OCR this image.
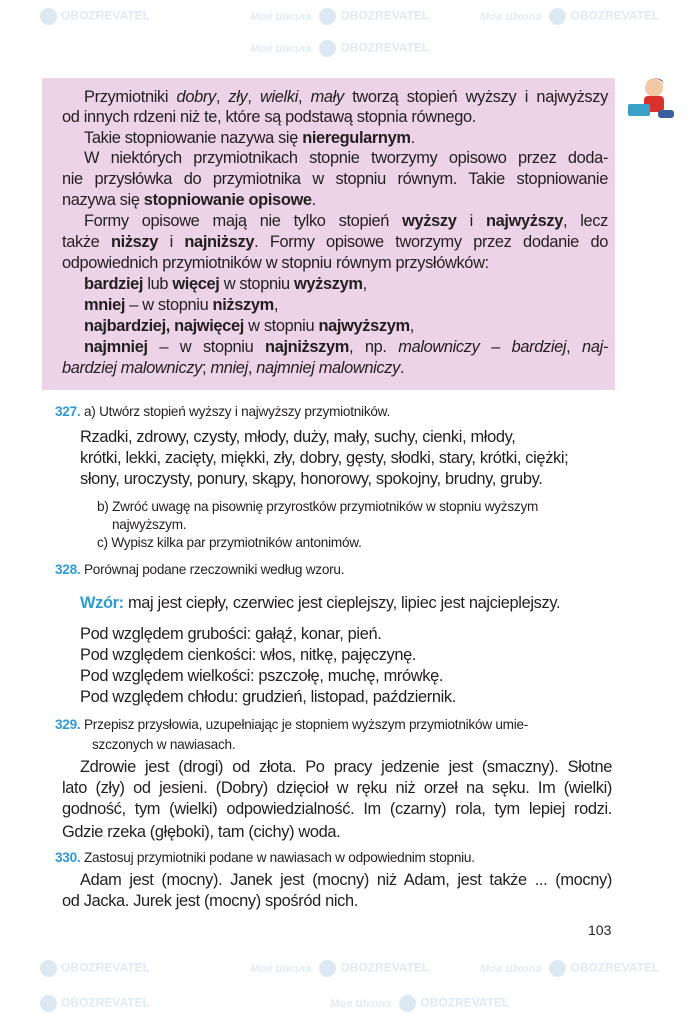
OBOZREVATEL	Моя Школа OBOZREVATEL	Моя Школа OBOZREVATEL
Моя Школа OBOZREVATEL
OBOZREVATEL	Моя Школа OBOZREVATEL	Моя Школа OBOZREVATEL
OBOZREVATEL	Моя Школа OBOZREVATEL
Przymiotniki dobry, zły, wielki, mały tworzą stopień wyższy i najwyższy
od innych rdzeni niż te, które są podstawą stopnia równego.
Takie stopniowanie nazywa się nieregularnym.
W niektórych przymiotnikach stopnie tworzymy opisowo przez doda-
nie przysłówka do przymiotnika w stopniu równym. Takie stopniowanie
nazywa się stopniowanie opisowe.
Formy opisowe mają nie tylko stopień wyższy i najwyższy, lecz
także niższy i najniższy. Formy opisowe tworzymy przez dodanie do
odpowiednich przymiotników w stopniu równym przysłówków:
bardziej lub więcej w stopniu wyższym,
mniej – w stopniu niższym,
najbardziej, najwięcej w stopniu najwyższym,
najmniej – w stopniu najniższym, np. malowniczy – bardziej, naj-
bardziej malowniczy; mniej, najmniej malowniczy.
327. a) Utwórz stopień wyższy i najwyższy przymiotników.
Rzadki, zdrowy, czysty, młody, duży, mały, suchy, cienki, młody,
krótki, lekki, zacięty, miękki, zły, dobry, gęsty, słodki, stary, krótki, ciężki;
słony, uroczysty, ponury, skąpy, honorowy, spokojny, brudny, gruby.
b) Zwróć uwagę na pisownię przyrostków przymiotników w stopniu wyższym
najwyższym.
c) Wypisz kilka par przymiotników antonimów.
328. Porównaj podane rzeczowniki według wzoru.
Wzór: maj jest ciepły, czerwiec jest cieplejszy, lipiec jest najcieplejszy.
Pod względem grubości: gałąź, konar, pień.
Pod względem cienkości: włos, nitkę, pajęczynę.
Pod względem wielkości: pszczołę, muchę, mrówkę.
Pod względem chłodu: grudzień, listopad, październik.
329. Przepisz przysłowia, uzupełniając je stopniem wyższym przymiotników umie-
szczonych w nawiasach.
Zdrowie jest (drogi) od złota. Po pracy jedzenie jest (smaczny). Słotne
lato (zły) od jesieni. (Dobry) dzięcioł w ręku niż orzeł na sęku. Im (wielki)
godność, tym (wielki) odpowiedzialność. Im (czarny) rola, tym lepiej rodzi.
Gdzie rzeka (głęboki), tam (cichy) woda.
330. Zastosuj przymiotniki podane w nawiasach w odpowiednim stopniu.
Adam jest (mocny). Janek jest (mocny) niż Adam, jest także ... (mocny)
od Jacka. Jurek jest (mocny) spośród nich.
103
